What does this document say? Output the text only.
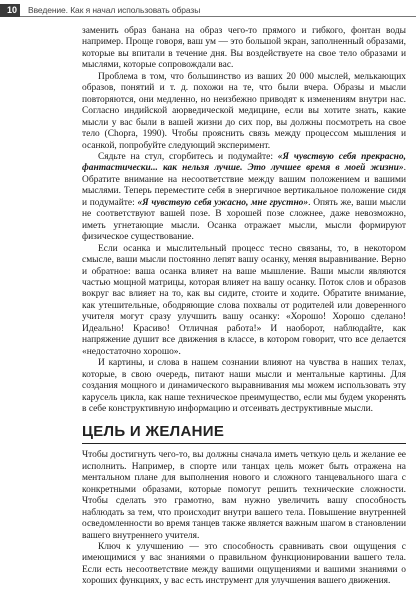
10	Введение. Как я начал использовать образы

заменить образ банана на образ чего-то прямого и гибкого, фонтан воды например. Проще говоря, ваш ум — это большой экран, заполненный образами, которые вы впитали в течение дня. Вы воздействуете на свое тело образами и мыслями, которые сопровождали вас.

Проблема в том, что большинство из ваших 20 000 мыслей, мелькающих образов, понятий и т. д. похожи на те, что были вчера. Образы и мысли повторяются, они медленно, но неизбежно приводят к изменениям внутри нас. Согласно индийской аюрведической медицине, если вы хотите знать, какие мысли у вас были в вашей жизни до сих пор, вы должны посмотреть на свое тело (Chopra, 1990). Чтобы прояснить связь между процессом мышления и осанкой, попробуйте следующий эксперимент.

Сядьте на стул, сгорбитесь и подумайте: «Я чувствую себя прекрасно, фантастически... как нельзя лучше. Это лучшее время в моей жизни». Обратите внимание на несоответствие между вашим положением и вашими мыслями. Теперь переместите себя в энергичное вертикальное положение сидя и подумайте: «Я чувствую себя ужасно, мне грустно». Опять же, ваши мысли не соответствуют вашей позе. В хорошей позе сложнее, даже невозможно, иметь угнетающие мысли. Осанка отражает мысли, мысли формируют физическое существование.

Если осанка и мыслительный процесс тесно связаны, то, в некотором смысле, ваши мысли постоянно лепят вашу осанку, меняя выравнивание. Верно и обратное: ваша осанка влияет на ваше мышление. Ваши мысли являются частью мощной матрицы, которая влияет на вашу осанку. Поток слов и образов вокруг вас влияет на то, как вы сидите, стоите и ходите. Обратите внимание, как утешительные, ободряющие слова похвалы от родителей или доверенного учителя могут сразу улучшить вашу осанку: «Хорошо! Хорошо сделано! Идеально! Красиво! Отличная работа!» И наоборот, наблюдайте, как напряжение душит все движения в классе, в котором говорит, что все делается «недостаточно хорошо».

И картины, и слова в нашем сознании влияют на чувства в наших телах, которые, в свою очередь, питают наши мысли и ментальные картины. Для создания мощного и динамического выравнивания мы можем использовать эту карусель цикла, как наше техническое преимущество, если мы будем укоренять в себе конструктивную информацию и отсеивать деструктивные мысли.

ЦЕЛЬ И ЖЕЛАНИЕ

Чтобы достигнуть чего-то, вы должны сначала иметь четкую цель и желание ее исполнить. Например, в спорте или танцах цель может быть отражена на ментальном плане для выполнения нового и сложного танцевального шага с конкретными образами, которые помогут решить технические сложности. Чтобы сделать это грамотно, вам нужно увеличить вашу способность наблюдать за тем, что происходит внутри вашего тела. Повышение внутренней осведомленности во время танцев также является важным шагом в становлении вашего внутреннего учителя.

Ключ к улучшению — это способность сравнивать свои ощущения с имеющимися у вас знаниями о правильном функционировании вашего тела. Если есть несоответствие между вашими ощущениями и вашими знаниями о хороших функциях, у вас есть инструмент для улучшения вашего движения.
